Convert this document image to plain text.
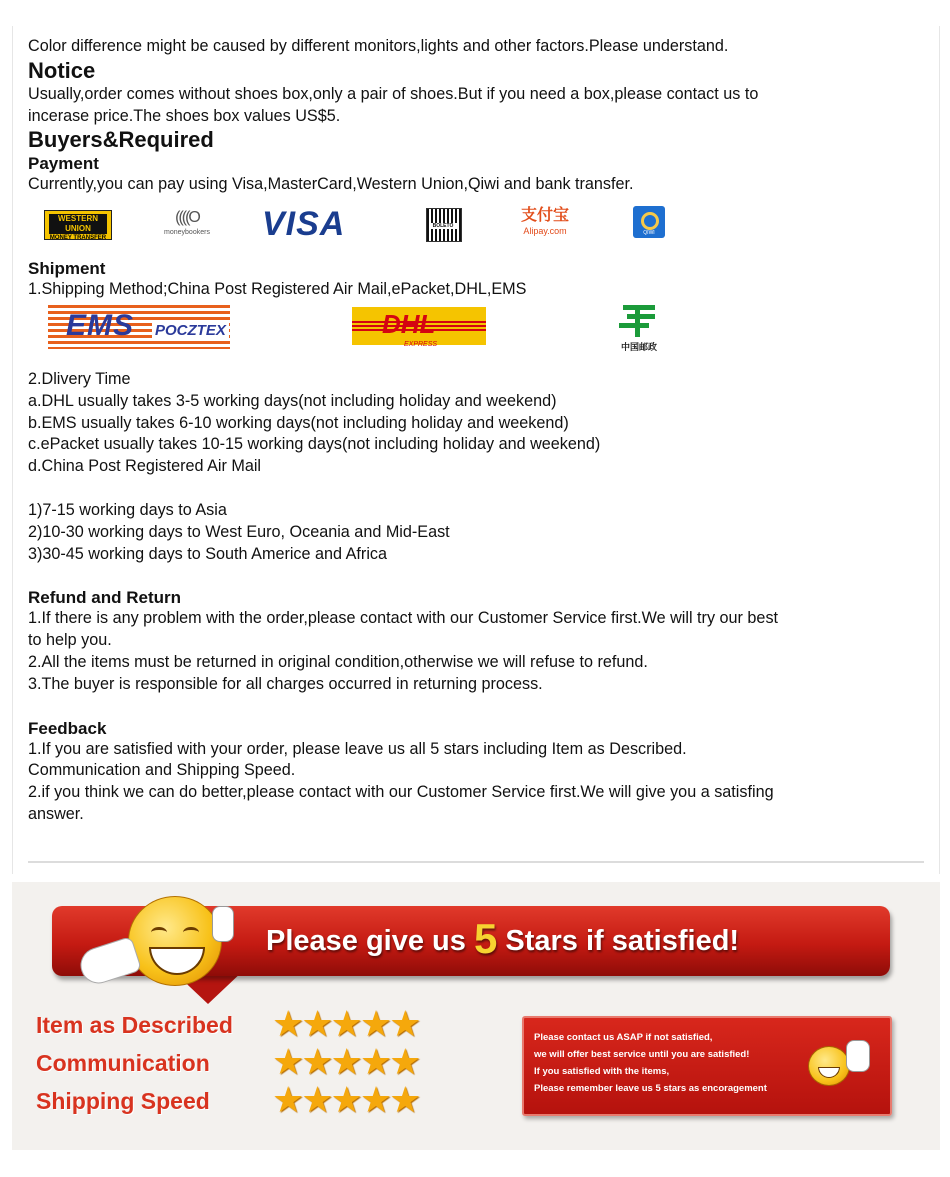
Color difference might be caused by different monitors,lights and other factors.Please understand.

Notice

Usually,order comes without shoes box,only a pair of shoes.But if you need a box,please contact us to

incerase price.The shoes box values US$5.

Buyers&Required

Payment

Currently,you can pay using Visa,MasterCard,Western Union,Qiwi and bank transfer.

WESTERN UNION
MONEY TRANSFER
((((O
moneybookers VISA	BOLETO
支付宝
Alipay.com	QIWI

Shipment

1.Shipping Method;China Post Registered Air Mail,ePacket,DHL,EMS

EMS POCZTEX	DHL
EXPRESS	中国邮政

2.Dlivery Time

a.DHL usually takes 3-5 working days(not including holiday and weekend)

b.EMS usually takes 6-10 working days(not including holiday and weekend)

c.ePacket usually takes 10-15 working days(not including holiday and weekend)

d.China Post Registered Air Mail

1)7-15 working days to Asia

2)10-30 working days to West Euro, Oceania and Mid-East

3)30-45 working days to South Americe and Africa

Refund and Return

1.If there is any problem with the order,please contact with our Customer Service first.We will try our best

to help you.

2.All the items must be returned in original condition,otherwise we will refuse to refund.

3.The buyer is responsible for all charges occurred in returning process.

Feedback

1.If you are satisfied with your order, please leave us all 5 stars including Item as Described.

Communication and Shipping Speed.

2.if you think we can do better,please contact with our Customer Service first.We will give you a satisfing

answer.

Please give us 5 Stars if satisfied!
Item as Described ★★★★★
Communication ★★★★★
Shipping Speed ★★★★★
Please contact us ASAP if not satisfied,
we will offer best service until you are satisfied!
If you satisfied with the items,
Please remember leave us 5 stars as encoragement
